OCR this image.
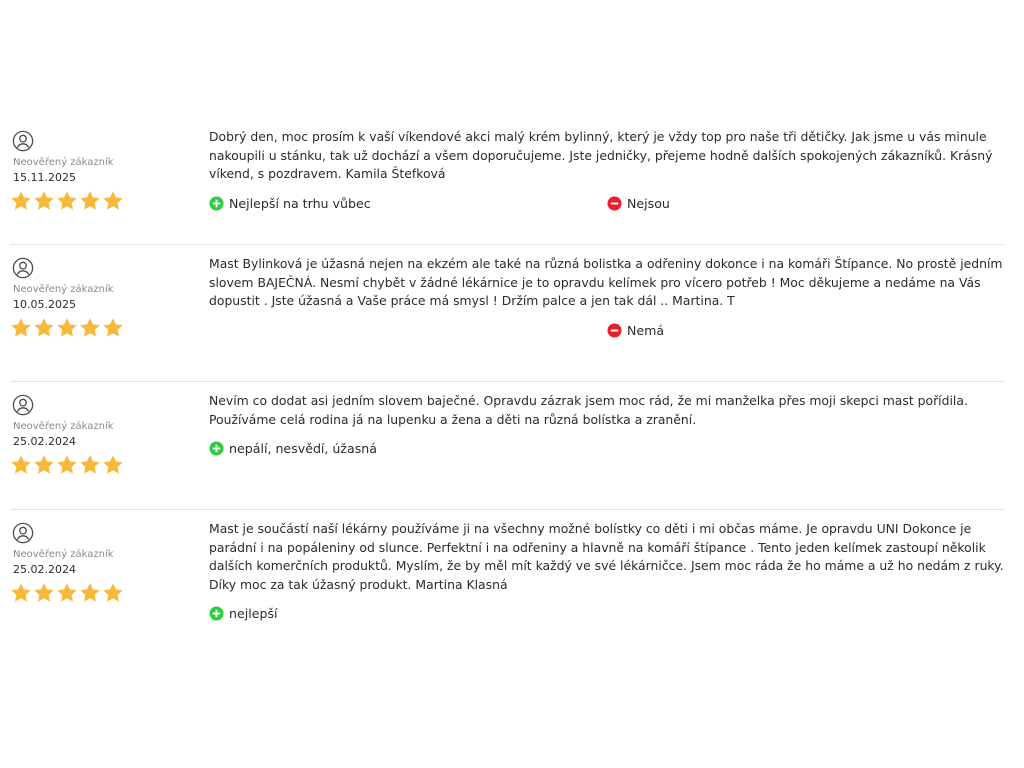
Neověřený zákazník
15.11.2025

Dobrý den, moc prosím k vaší víkendové akci malý krém bylinný, který je vždy top pro naše tři dětičky. Jak jsme u vás minule nakoupili u stánku, tak už dochází a všem doporučujeme. Jste jedničky, přejeme hodně dalších spokojených zákazníků. Krásný víkend, s pozdravem. Kamila Štefková

Nejlepší na trhu vůbec	Nejsou
Neověřený zákazník
10.05.2025

Mast Bylinková je úžasná nejen na ekzém ale také na různá bolistka a odřeniny dokonce i na komáři Štípance. No prostě jedním slovem BAJEČNÁ. Nesmí chybět v žádné lékárnice je to opravdu kelímek pro vícero potřeb ! Moc děkujeme a nedáme na Vás dopustit . Jste úžasná a Vaše práce má smysl ! Držím palce a jen tak dál .. Martina. T

Nemá
Neověřený zákazník
25.02.2024

Nevím co dodat asi jedním slovem baječné. Opravdu zázrak jsem moc rád, že mi manželka přes moji skepci mast pořídila. Používáme celá rodina já na lupenku a žena a děti na různá bolístka a zranění.

nepálí, nesvědí, úžasná
Neověřený zákazník
25.02.2024

Mast je součástí naší lékárny používáme ji na všechny možné bolístky co děti i mi občas máme. Je opravdu UNI Dokonce je parádní i na popáleniny od slunce. Perfektní i na odřeniny a hlavně na komáří štípance . Tento jeden kelímek zastoupí několik dalších komerčních produktů. Myslím, že by měl mít každý ve své lékárničce. Jsem moc ráda že ho máme a už ho nedám z ruky. Díky moc za tak úžasný produkt. Martina Klasná

nejlepší
